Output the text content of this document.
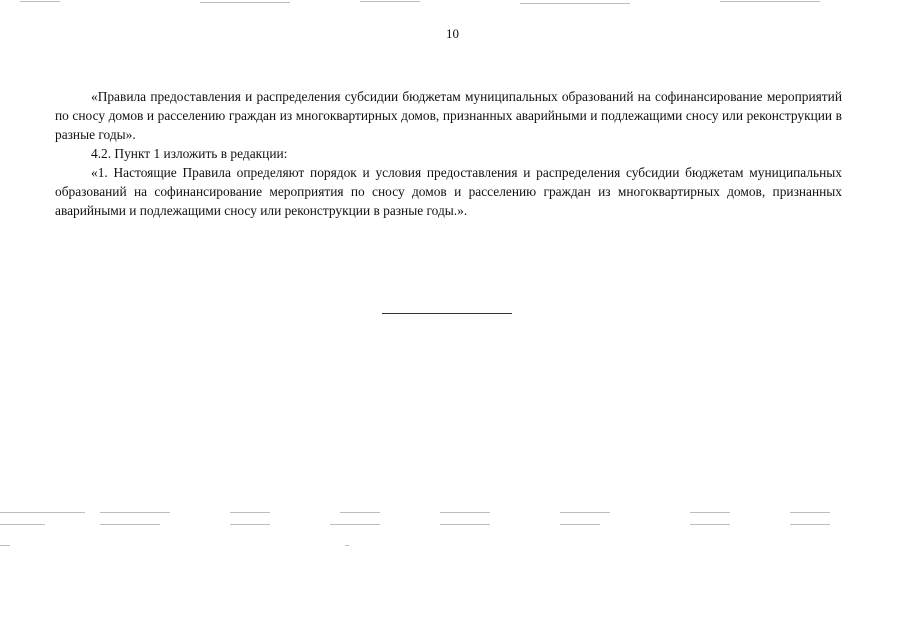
10

«Правила предоставления и распределения субсидии бюджетам муниципальных образований на софинансирование мероприятий по сносу домов и расселению граждан из многоквартирных домов, признанных аварийными и подлежащими сносу или реконструкции в разные годы».

4.2. Пункт 1 изложить в редакции:

«1. Настоящие Правила определяют порядок и условия предоставления и распределения субсидии бюджетам муниципальных образований на софинансирование мероприятия по сносу домов и расселению граждан из многоквартирных домов, признанных аварийными и подлежащими сносу или реконструкции в разные годы.».
